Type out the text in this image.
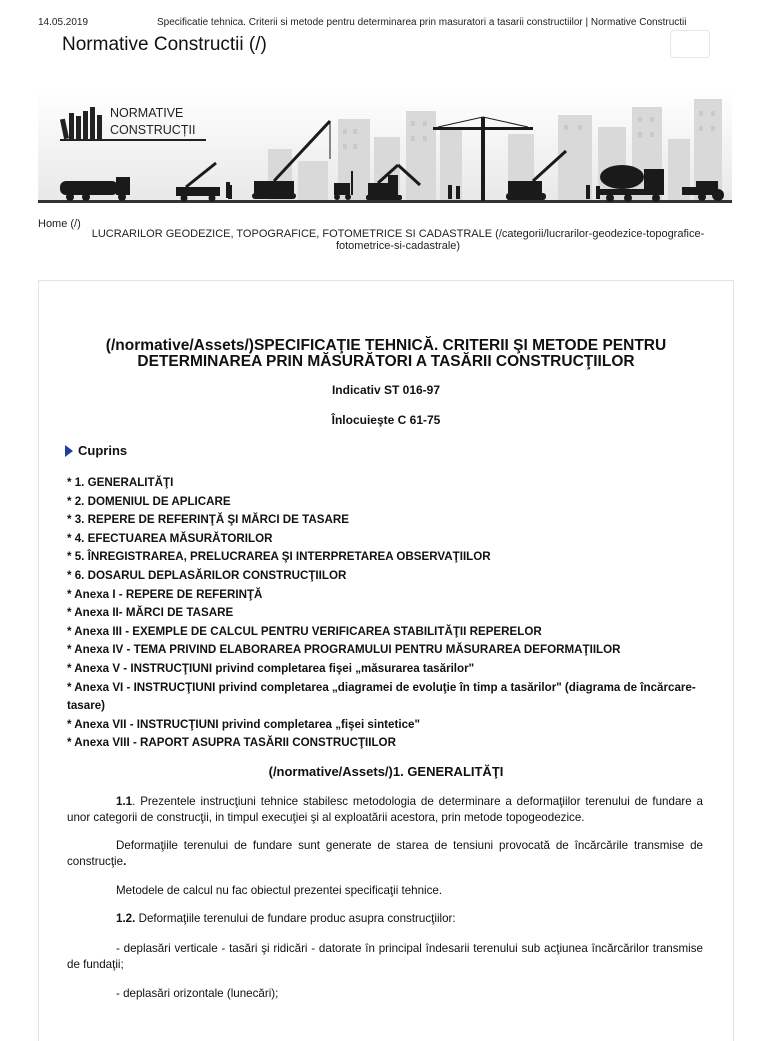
14.05.2019	Specificatie tehnica. Criterii si metode pentru determinarea prin masuratori a tasarii constructiilor | Normative Constructii
Normative Constructii (/)
NORMATIVE
CONSTRUCȚII
Home (/)
LUCRARILOR GEODEZICE, TOPOGRAFICE, FOTOMETRICE SI CADASTRALE (/categorii/lucrarilor-geodezice-topografice-
fotometrice-si-cadastrale)
(/normative/Assets/)SPECIFICAŢIE TEHNICĂ. CRITERII ŞI METODE PENTRU
DETERMINAREA PRIN MĂSURĂTORI A TASĂRII CONSTRUCŢIILOR
Indicativ ST 016-97
Înlocuieşte C 61-75
Cuprins
* 1. GENERALITĂŢI
* 2. DOMENIUL DE APLICARE
* 3. REPERE DE REFERINŢĂ ŞI MĂRCI DE TASARE
* 4. EFECTUAREA MĂSURĂTORILOR
* 5. ÎNREGISTRAREA, PRELUCRAREA ŞI INTERPRETAREA OBSERVAŢIILOR
* 6. DOSARUL DEPLASĂRILOR CONSTRUCŢIILOR
* Anexa I - REPERE DE REFERINŢĂ
* Anexa II- MĂRCI DE TASARE
* Anexa III - EXEMPLE DE CALCUL PENTRU VERIFICAREA STABILITĂŢII REPERELOR
* Anexa IV - TEMA PRIVIND ELABORAREA PROGRAMULUI PENTRU MĂSURAREA DEFORMAŢIILOR
* Anexa V - INSTRUCŢIUNI privind completarea fişei „măsurarea tasărilor"
* Anexa VI - INSTRUCŢIUNI privind completarea „diagramei de evoluţie în timp a tasărilor" (diagrama de încărcare-tasare)
* Anexa VII - INSTRUCŢIUNI privind completarea „fişei sintetice"
* Anexa VIII - RAPORT ASUPRA TASĂRII CONSTRUCŢIILOR
(/normative/Assets/)1. GENERALITĂŢI

1.1. Prezentele instrucţiuni tehnice stabilesc metodologia de determinare a deformaţiilor terenului de fundare a unor categorii de construcţii, in timpul execuţiei şi al exploatării acestora, prin metode topogeodezice.

Deformaţiile terenului de fundare sunt generate de starea de tensiuni provocată de încărcările transmise de construcţie.

Metodele de calcul nu fac obiectul prezentei specificaţii tehnice.

1.2. Deformaţiile terenului de fundare produc asupra construcţiilor:

- deplasări verticale - tasări şi ridicări - datorate în principal îndesarii terenului sub acţiunea încărcărilor transmise de fundaţii;

- deplasări orizontale (lunecări);
